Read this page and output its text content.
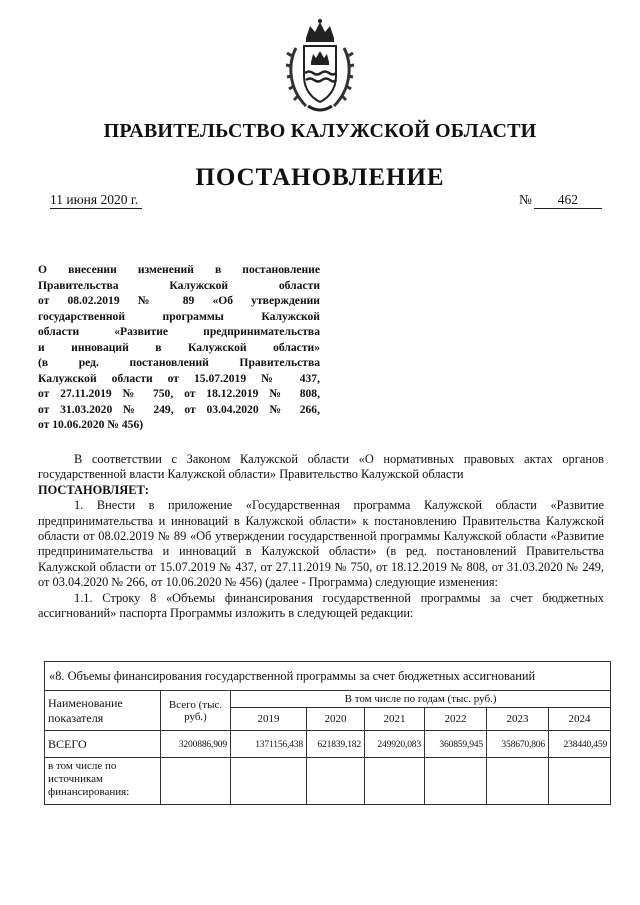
ПРАВИТЕЛЬСТВО КАЛУЖСКОЙ ОБЛАСТИ
ПОСТАНОВЛЕНИЕ
11 июня 2020 г.	№ 462
О внесении изменений в постановление
Правительства Калужской области
от 08.02.2019 № 89 «Об утверждении
государственной программы Калужской
области «Развитие предпринимательства
и инноваций в Калужской области»
(в ред. постановлений Правительства
Калужской области от 15.07.2019 № 437,
от 27.11.2019 № 750, от 18.12.2019 № 808,
от 31.03.2020 № 249, от 03.04.2020 № 266,
от 10.06.2020 № 456)

В соответствии с Законом Калужской области «О нормативных правовых актах органов государственной власти Калужской области» Правительство Калужской области

ПОСТАНОВЛЯЕТ:

1. Внести в приложение «Государственная программа Калужской области «Развитие предпринимательства и инноваций в Калужской области» к постановлению Правительства Калужской области от 08.02.2019 № 89 «Об утверждении государственной программы Калужской области «Развитие предпринимательства и инноваций в Калужской области» (в ред. постановлений Правительства Калужской области от 15.07.2019 № 437, от 27.11.2019 № 750, от 18.12.2019 № 808, от 31.03.2020 № 249, от 03.04.2020 № 266, от 10.06.2020 № 456) (далее - Программа) следующие изменения:

1.1. Строку 8 «Объемы финансирования государственной программы за счет бюджетных ассигнований» паспорта Программы изложить в следующей редакции:

«8. Объемы финансирования государственной программы за счет бюджетных ассигнований							
Наименование показателя	Всего (тыс. руб.)	В том числе по годам (тыс. руб.)					
		2019	2020	2021	2022	2023	2024
ВСЕГО	3200886,909	1371156,438	621839,182	249920,083	360859,945	358670,806	238440,459
в том числе по источникам финансирования:							
